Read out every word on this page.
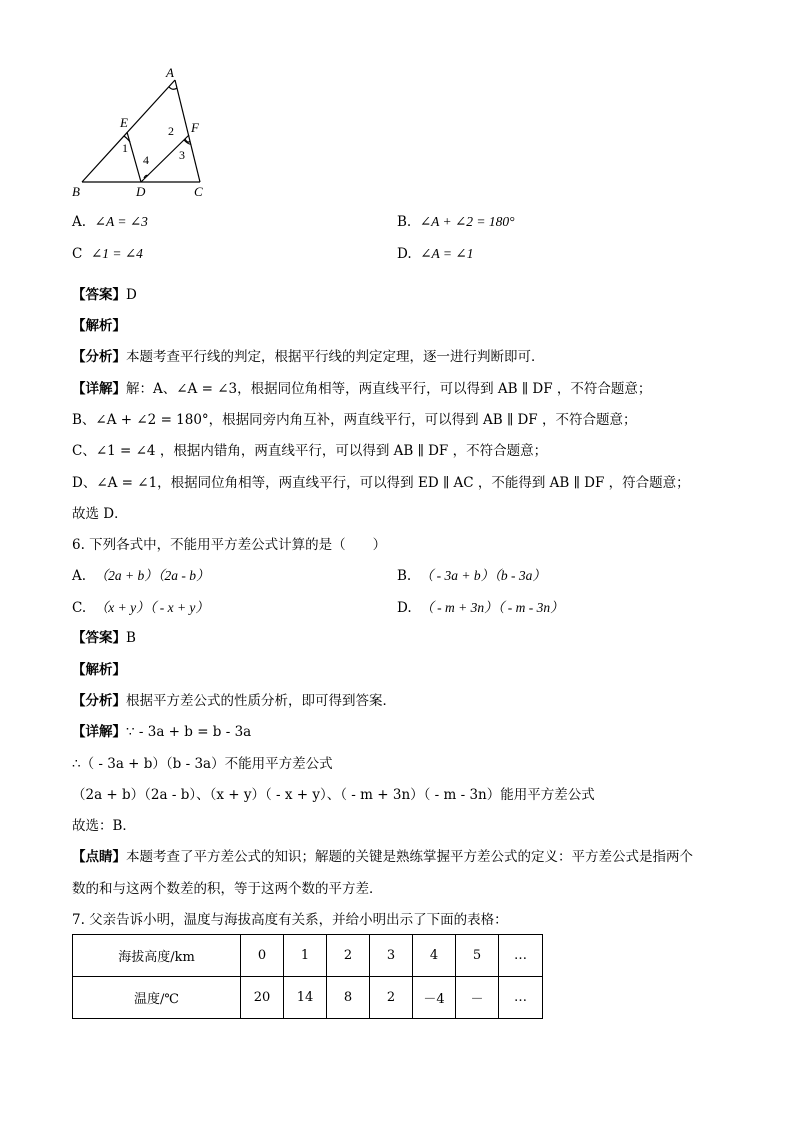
A
E	F
B	D	C
1
2
3
4
A. ∠A = ∠3	B. ∠A + ∠2 = 180°
C ∠1 = ∠4	D. ∠A = ∠1
【答案】D
【解析】
【分析】本题考查平行线的判定，根据平行线的判定定理，逐一进行判断即可．
【详解】解：A、∠A = ∠3，根据同位角相等，两直线平行，可以得到 AB ∥ DF ，不符合题意；
B、∠A + ∠2 = 180°，根据同旁内角互补，两直线平行，可以得到 AB ∥ DF ，不符合题意；
C、∠1 = ∠4 ，根据内错角，两直线平行，可以得到 AB ∥ DF ，不符合题意；
D、∠A = ∠1，根据同位角相等，两直线平行，可以得到 ED ∥ AC ，不能得到 AB ∥ DF ，符合题意；
故选 D．
6. 下列各式中，不能用平方差公式计算的是（　　）
A. （2a + b）（2a - b）	B. （ - 3a + b）（b - 3a）
C. （x + y）（ - x + y）	D. （ - m + 3n）（ - m - 3n）
【答案】B
【解析】
【分析】根据平方差公式的性质分析，即可得到答案．
【详解】∵ - 3a + b = b - 3a
∴（ - 3a + b）（b - 3a）不能用平方差公式
（2a + b）（2a - b）、（x + y）（ - x + y）、（ - m + 3n）（ - m - 3n）能用平方差公式
故选：B．
【点睛】本题考查了平方差公式的知识；解题的关键是熟练掌握平方差公式的定义：平方差公式是指两个
数的和与这两个数差的积，等于这两个数的平方差．
7. 父亲告诉小明，温度与海拔高度有关系，并给小明出示了下面的表格：
海拔高度/km	0	1	2	3	4	5	…
温度/℃	20	14	8	2	－4	－	…
